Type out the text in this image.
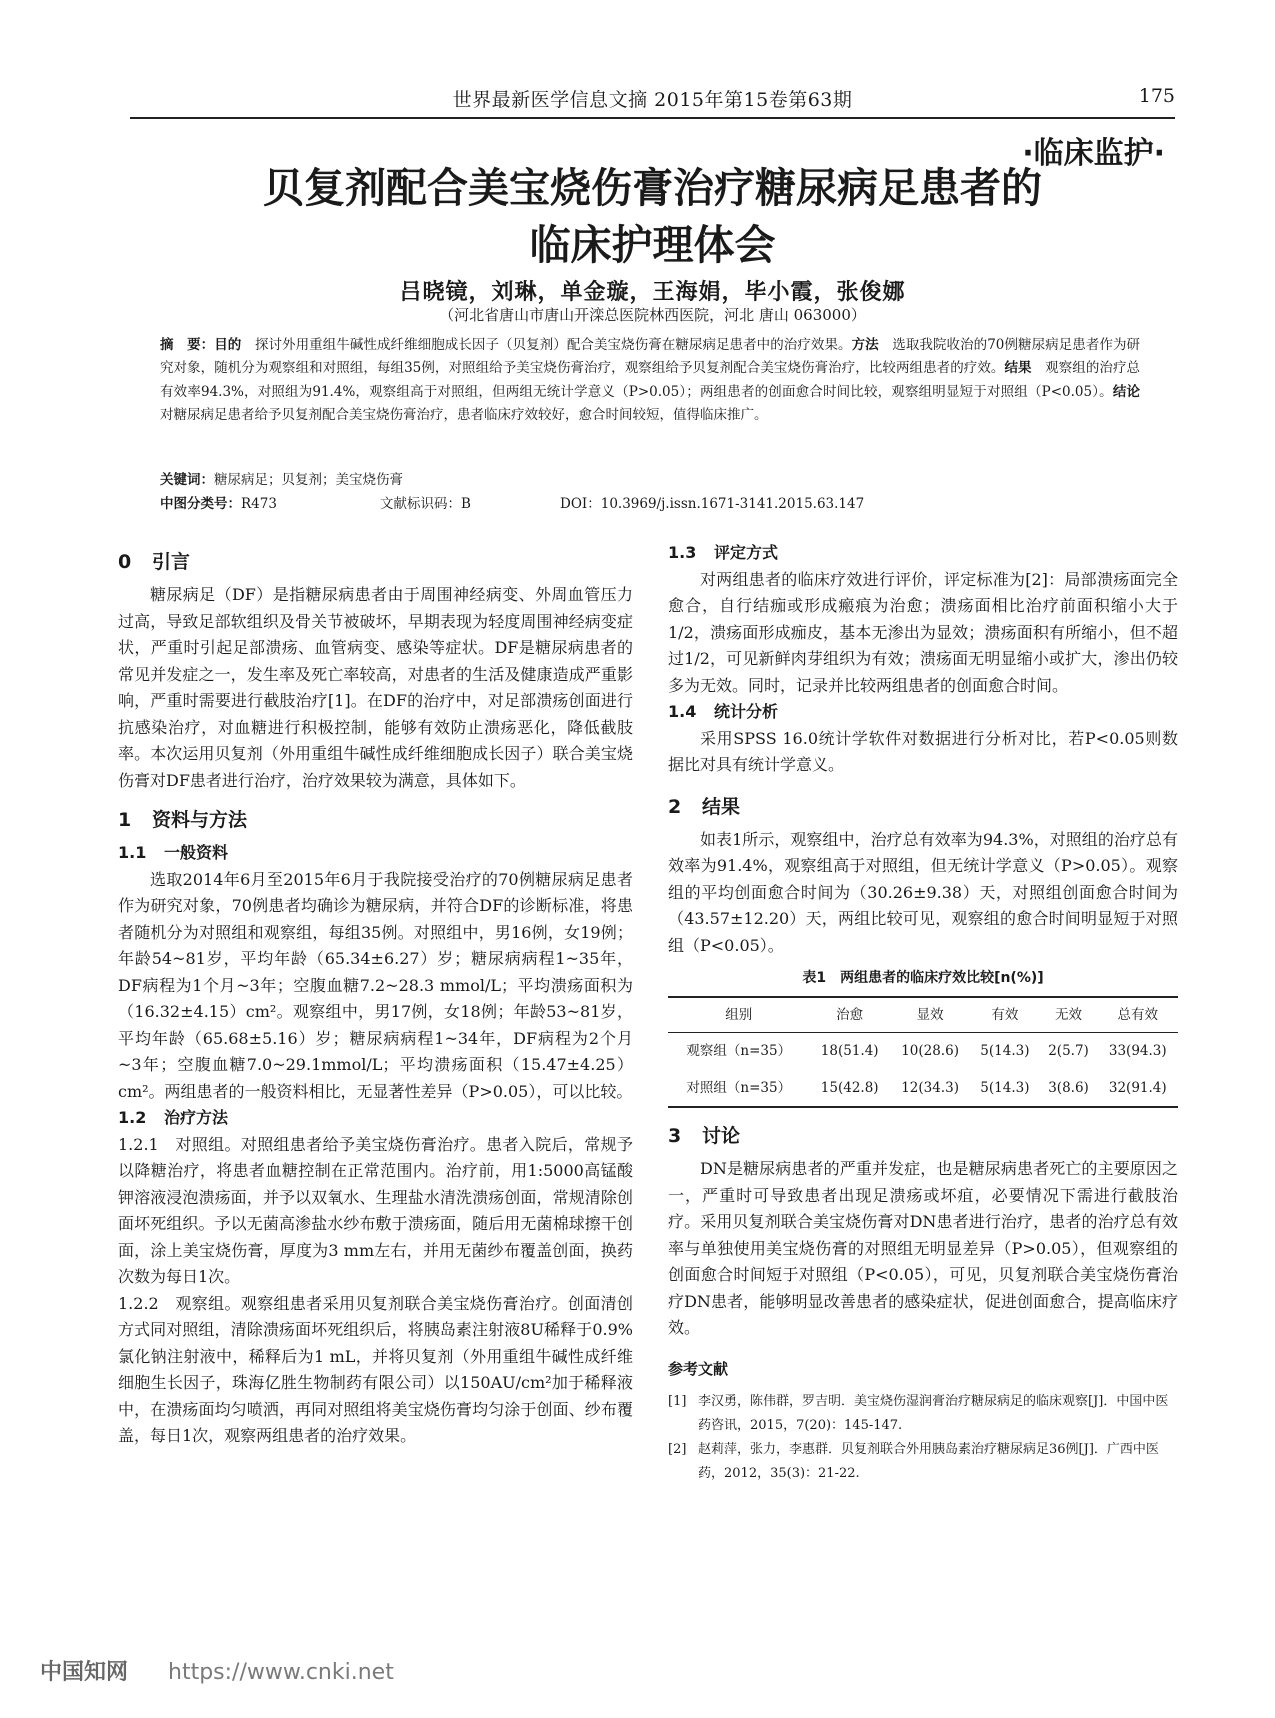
世界最新医学信息文摘 2015年第15卷第63期	175
·临床监护·
贝复剂配合美宝烧伤膏治疗糖尿病足患者的
临床护理体会
吕晓镜，刘琳，单金璇，王海娟，毕小霞，张俊娜
（河北省唐山市唐山开滦总医院林西医院，河北 唐山 063000）
摘　要：目的　 探讨外用重组牛碱性成纤维细胞成长因子（贝复剂）配合美宝烧伤膏在糖尿病足患者中的治疗效果。方法　 选取我院收治的70例糖尿病足患者作为研究对象，随机分为观察组和对照组，每组35例，对照组给予美宝烧伤膏治疗，观察组给予贝复剂配合美宝烧伤膏治疗，比较两组患者的疗效。结果　 观察组的治疗总有效率94.3%，对照组为91.4%，观察组高于对照组，但两组无统计学意义（P>0.05）；两组患者的创面愈合时间比较，观察组明显短于对照组（P<0.05）。结论　对糖尿病足患者给予贝复剂配合美宝烧伤膏治疗，患者临床疗效较好，愈合时间较短，值得临床推广。
关键词：糖尿病足；贝复剂；美宝烧伤膏
中图分类号：R473	文献标识码：B	DOI：10.3969/j.issn.1671-3141.2015.63.147
0 引言

糖尿病足（DF）是指糖尿病患者由于周围神经病变、外周血管压力过高，导致足部软组织及骨关节被破坏，早期表现为轻度周围神经病变症状，严重时引起足部溃疡、血管病变、感染等症状。DF是糖尿病患者的常见并发症之一，发生率及死亡率较高，对患者的生活及健康造成严重影响，严重时需要进行截肢治疗[1]。在DF的治疗中，对足部溃疡创面进行抗感染治疗，对血糖进行积极控制，能够有效防止溃疡恶化，降低截肢率。本次运用贝复剂（外用重组牛碱性成纤维细胞成长因子）联合美宝烧伤膏对DF患者进行治疗，治疗效果较为满意，具体如下。

1 资料与方法
1.1 一般资料

选取2014年6月至2015年6月于我院接受治疗的70例糖尿病足患者作为研究对象，70例患者均确诊为糖尿病，并符合DF的诊断标准，将患者随机分为对照组和观察组，每组35例。对照组中，男16例，女19例；年龄54~81岁，平均年龄（65.34±6.27）岁；糖尿病病程1~35年，DF病程为1个月~3年；空腹血糖7.2~28.3 mmol/L；平均溃疡面积为（16.32±4.15）cm²。观察组中，男17例，女18例；年龄53~81岁，平均年龄（65.68±5.16）岁；糖尿病病程1~34年，DF病程为2个月~3年；空腹血糖7.0~29.1mmol/L；平均溃疡面积（15.47±4.25）cm²。两组患者的一般资料相比，无显著性差异（P>0.05），可以比较。

1.2 治疗方法

1.2.1　对照组。对照组患者给予美宝烧伤膏治疗。患者入院后，常规予以降糖治疗，将患者血糖控制在正常范围内。治疗前，用1:5000高锰酸钾溶液浸泡溃疡面，并予以双氧水、生理盐水清洗溃疡创面，常规清除创面坏死组织。予以无菌高渗盐水纱布敷于溃疡面，随后用无菌棉球擦干创面，涂上美宝烧伤膏，厚度为3 mm左右，并用无菌纱布覆盖创面，换药次数为每日1次。

1.2.2　观察组。观察组患者采用贝复剂联合美宝烧伤膏治疗。创面清创方式同对照组，清除溃疡面坏死组织后，将胰岛素注射液8U稀释于0.9%氯化钠注射液中，稀释后为1 mL，并将贝复剂（外用重组牛碱性成纤维细胞生长因子，珠海亿胜生物制药有限公司）以150AU/cm²加于稀释液中，在溃疡面均匀喷洒，再同对照组将美宝烧伤膏均匀涂于创面、纱布覆盖，每日1次，观察两组患者的治疗效果。

1.3 评定方式

对两组患者的临床疗效进行评价，评定标准为[2]：局部溃疡面完全愈合，自行结痂或形成瘢痕为治愈；溃疡面相比治疗前面积缩小大于1/2，溃疡面形成痂皮，基本无渗出为显效；溃疡面积有所缩小，但不超过1/2，可见新鲜肉芽组织为有效；溃疡面无明显缩小或扩大，渗出仍较多为无效。同时，记录并比较两组患者的创面愈合时间。

1.4 统计分析

采用SPSS 16.0统计学软件对数据进行分析对比，若P<0.05则数据比对具有统计学意义。

2 结果

如表1所示，观察组中，治疗总有效率为94.3%，对照组的治疗总有效率为91.4%，观察组高于对照组，但无统计学意义（P>0.05）。观察组的平均创面愈合时间为（30.26±9.38）天，对照组创面愈合时间为（43.57±12.20）天，两组比较可见，观察组的愈合时间明显短于对照组（P<0.05）。

表1　两组患者的临床疗效比较[n(%)]
组别	治愈	显效	有效	无效	总有效
观察组（n=35）	18(51.4)	10(28.6)	5(14.3)	2(5.7)	33(94.3)
对照组（n=35）	15(42.8)	12(34.3)	5(14.3)	3(8.6)	32(91.4)
3 讨论

DN是糖尿病患者的严重并发症，也是糖尿病患者死亡的主要原因之一，严重时可导致患者出现足溃疡或坏疽，必要情况下需进行截肢治疗。采用贝复剂联合美宝烧伤膏对DN患者进行治疗，患者的治疗总有效率与单独使用美宝烧伤膏的对照组无明显差异（P>0.05），但观察组的创面愈合时间短于对照组（P<0.05），可见，贝复剂联合美宝烧伤膏治疗DN患者，能够明显改善患者的感染症状，促进创面愈合，提高临床疗效。

参考文献
[1] 李汉勇，陈伟群，罗吉明．美宝烧伤湿润膏治疗糖尿病足的临床观察[J]．中国中医药咨讯，2015，7(20)：145-147.
[2] 赵莉萍，张力，李惠群．贝复剂联合外用胰岛素治疗糖尿病足36例[J]．广西中医药，2012，35(3)：21-22.
中国知网 https://www.cnki.net
